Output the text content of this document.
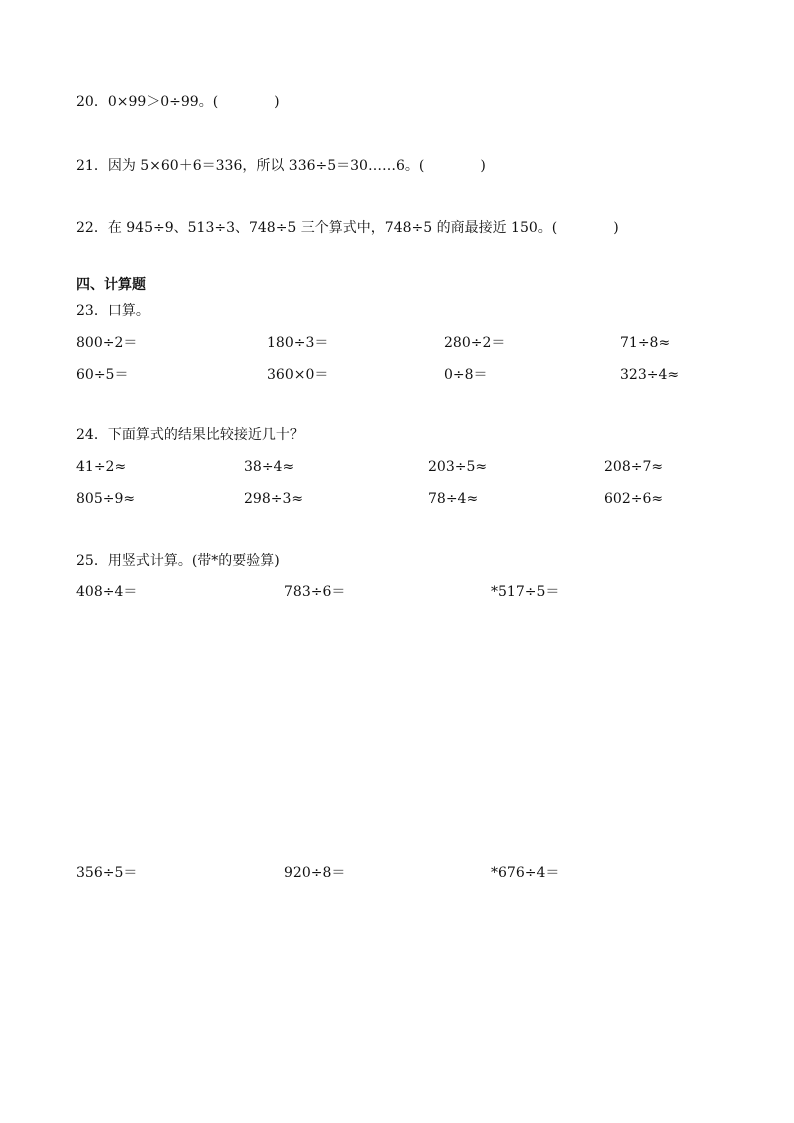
20．0×99＞0÷99。(　　　　)
21．因为 5×60＋6＝336，所以 336÷5＝30……6。(　　　　)
22．在 945÷9、513÷3、748÷5 三个算式中，748÷5 的商最接近 150。(　　　　)
四、计算题
23．口算。
800÷2＝	180÷3＝	280÷2＝	71÷8≈
60÷5＝	360×0＝	0÷8＝	323÷4≈
24．下面算式的结果比较接近几十？
41÷2≈	38÷4≈	203÷5≈	208÷7≈
805÷9≈	298÷3≈	78÷4≈	602÷6≈
25．用竖式计算。(带*的要验算)
408÷4＝	783÷6＝	*517÷5＝
356÷5＝	920÷8＝	*676÷4＝
